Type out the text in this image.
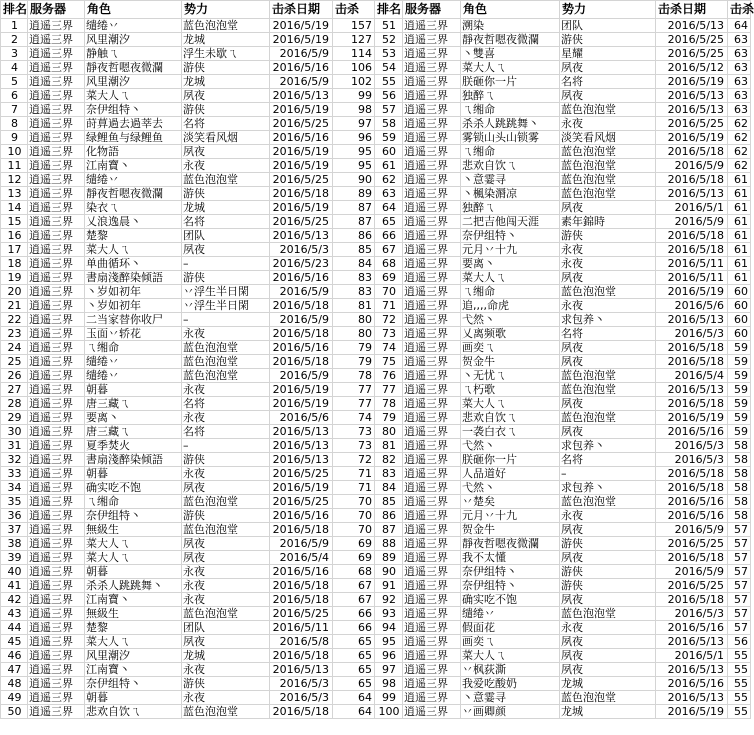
排名	服务器	角色	势力	击杀日期	击杀	排名	服务器	角色	势力	击杀日期	击杀
1	逍遥三界	缱绻丷	蓝色泡泡堂	2016/5/19	157	51	逍遥三界	溯染	团队	2016/5/13	64
2	逍遥三界	风里潮汐	龙城	2016/5/19	127	52	逍遥三界	靜夜哲嗯夜微瀾	游侠	2016/5/25	63
3	逍遥三界	静触ㄟ	浮生未歇ㄟ	2016/5/9	114	53	逍遥三界	丶雙喜	星耀	2016/5/25	63
4	逍遥三界	靜夜哲嗯夜微瀾	游侠	2016/5/16	106	54	逍遥三界	菜大人ㄟ	夙夜	2016/5/12	63
5	逍遥三界	风里潮汐	龙城	2016/5/9	102	55	逍遥三界	朕砸你一片	名将	2016/5/19	63
6	逍遥三界	菜大人ㄟ	夙夜	2016/5/13	99	56	逍遥三界	独醉ㄟ	夙夜	2016/5/13	63
7	逍遥三界	奈伊组特丶	游侠	2016/5/19	98	57	逍遥三界	ㄟ缃命	蓝色泡泡堂	2016/5/13	63
8	逍遥三界	莳萛過去過莘去	名将	2016/5/25	97	58	逍遥三界	杀杀人跳跳舞丶	永夜	2016/5/25	62
9	逍遥三界	绿鲤鱼与绿鲤鱼	淡笑看风烟	2016/5/16	96	59	逍遥三界	雾锁山头山锁雾	淡笑看风烟	2016/5/19	62
10	逍遥三界	化物語	夙夜	2016/5/19	95	60	逍遥三界	ㄟ缃命	蓝色泡泡堂	2016/5/18	62
11	逍遥三界	江南寶丶	永夜	2016/5/19	95	61	逍遥三界	悲欢自饮ㄟ	蓝色泡泡堂	2016/5/9	62
12	逍遥三界	缱绻丷	蓝色泡泡堂	2016/5/25	90	62	逍遥三界	丶意霎寻	蓝色泡泡堂	2016/5/18	61
13	逍遥三界	靜夜哲嗯夜微瀾	游侠	2016/5/18	89	63	逍遥三界	丶楓染漘凉	蓝色泡泡堂	2016/5/13	61
14	逍遥三界	染衣ㄟ	龙城	2016/5/19	87	64	逍遥三界	独醉ㄟ	夙夜	2016/5/1	61
15	逍遥三界	乂浪逸晨丶	名将	2016/5/25	87	65	逍遥三界	二把吉他闯天涯	素年錦時	2016/5/9	61
16	逍遥三界	楚黎	团队	2016/5/13	86	66	逍遥三界	奈伊组特丶	游侠	2016/5/18	61
17	逍遥三界	菜大人ㄟ	夙夜	2016/5/3	85	67	逍遥三界	元月丷十九	永夜	2016/5/18	61
18	逍遥三界	单曲循环丶	–	2016/5/23	84	68	逍遥三界	要离丶	永夜	2016/5/11	61
19	逍遥三界	書扇淺醉染倾語	游侠	2016/5/16	83	69	逍遥三界	菜大人ㄟ	夙夜	2016/5/11	61
20	逍遥三界	丶岁如初年	丷浮生半日閑	2016/5/9	83	70	逍遥三界	ㄟ缃命	蓝色泡泡堂	2016/5/19	60
21	逍遥三界	丶岁如初年	丷浮生半日閑	2016/5/18	81	71	逍遥三界	追,,,,命虎	永夜	2016/5/6	60
22	逍遥三界	二当家替你收尸	–	2016/5/9	80	72	逍遥三界	弋然丶	求包养丶	2016/5/13	60
23	逍遥三界	玉面丷轿花	永夜	2016/5/18	80	73	逍遥三界	乂离频歌	名将	2016/5/3	60
24	逍遥三界	ㄟ缃命	蓝色泡泡堂	2016/5/16	79	74	逍遥三界	画奕ㄟ	夙夜	2016/5/18	59
25	逍遥三界	缱绻丷	蓝色泡泡堂	2016/5/18	79	75	逍遥三界	贺金牛	夙夜	2016/5/18	59
26	逍遥三界	缱绻丷	蓝色泡泡堂	2016/5/9	78	76	逍遥三界	丶无忧ㄟ	蓝色泡泡堂	2016/5/4	59
27	逍遥三界	朝暮	永夜	2016/5/19	77	77	逍遥三界	ㄟ朽歌	蓝色泡泡堂	2016/5/13	59
28	逍遥三界	唐三藏ㄟ	名将	2016/5/19	77	78	逍遥三界	菜大人ㄟ	夙夜	2016/5/18	59
29	逍遥三界	要离丶	永夜	2016/5/6	74	79	逍遥三界	悲欢自饮ㄟ	蓝色泡泡堂	2016/5/19	59
30	逍遥三界	唐三藏ㄟ	名将	2016/5/13	73	80	逍遥三界	一袭白衣ㄟ	夙夜	2016/5/16	59
31	逍遥三界	夏季焚火	–	2016/5/13	73	81	逍遥三界	弋然丶	求包养丶	2016/5/3	58
32	逍遥三界	書扇淺醉染倾語	游侠	2016/5/13	72	82	逍遥三界	朕砸你一片	名将	2016/5/3	58
33	逍遥三界	朝暮	永夜	2016/5/25	71	83	逍遥三界	人品道好	–	2016/5/18	58
34	逍遥三界	确实吃不饱	夙夜	2016/5/19	71	84	逍遥三界	弋然丶	求包养丶	2016/5/18	58
35	逍遥三界	ㄟ缃命	蓝色泡泡堂	2016/5/25	70	85	逍遥三界	丷楚矣	蓝色泡泡堂	2016/5/16	58
36	逍遥三界	奈伊组特丶	游侠	2016/5/16	70	86	逍遥三界	元月丷十九	永夜	2016/5/16	58
37	逍遥三界	無級生	蓝色泡泡堂	2016/5/18	70	87	逍遥三界	贺金牛	夙夜	2016/5/9	57
38	逍遥三界	菜大人ㄟ	夙夜	2016/5/9	69	88	逍遥三界	靜夜哲嗯夜微瀾	游侠	2016/5/25	57
39	逍遥三界	菜大人ㄟ	夙夜	2016/5/4	69	89	逍遥三界	我不太懂	夙夜	2016/5/18	57
40	逍遥三界	朝暮	永夜	2016/5/16	68	90	逍遥三界	奈伊组特丶	游侠	2016/5/9	57
41	逍遥三界	杀杀人跳跳舞丶	永夜	2016/5/18	67	91	逍遥三界	奈伊组特丶	游侠	2016/5/25	57
42	逍遥三界	江南寶丶	永夜	2016/5/18	67	92	逍遥三界	确实吃不饱	夙夜	2016/5/18	57
43	逍遥三界	無級生	蓝色泡泡堂	2016/5/25	66	93	逍遥三界	缱绻丷	蓝色泡泡堂	2016/5/3	57
44	逍遥三界	楚黎	团队	2016/5/11	66	94	逍遥三界	假面花	永夜	2016/5/16	57
45	逍遥三界	菜大人ㄟ	夙夜	2016/5/8	65	95	逍遥三界	画奕ㄟ	夙夜	2016/5/13	56
46	逍遥三界	风里潮汐	龙城	2016/5/18	65	96	逍遥三界	菜大人ㄟ	夙夜	2016/5/1	55
47	逍遥三界	江南寶丶	永夜	2016/5/13	65	97	逍遥三界	丷枫荻澌	夙夜	2016/5/13	55
48	逍遥三界	奈伊组特丶	游侠	2016/5/3	65	98	逍遥三界	我爱吃酸奶	龙城	2016/5/16	55
49	逍遥三界	朝暮	永夜	2016/5/3	64	99	逍遥三界	丶意霎寻	蓝色泡泡堂	2016/5/13	55
50	逍遥三界	悲欢自饮ㄟ	蓝色泡泡堂	2016/5/18	64	100	逍遥三界	丷画卿颜	龙城	2016/5/19	55
